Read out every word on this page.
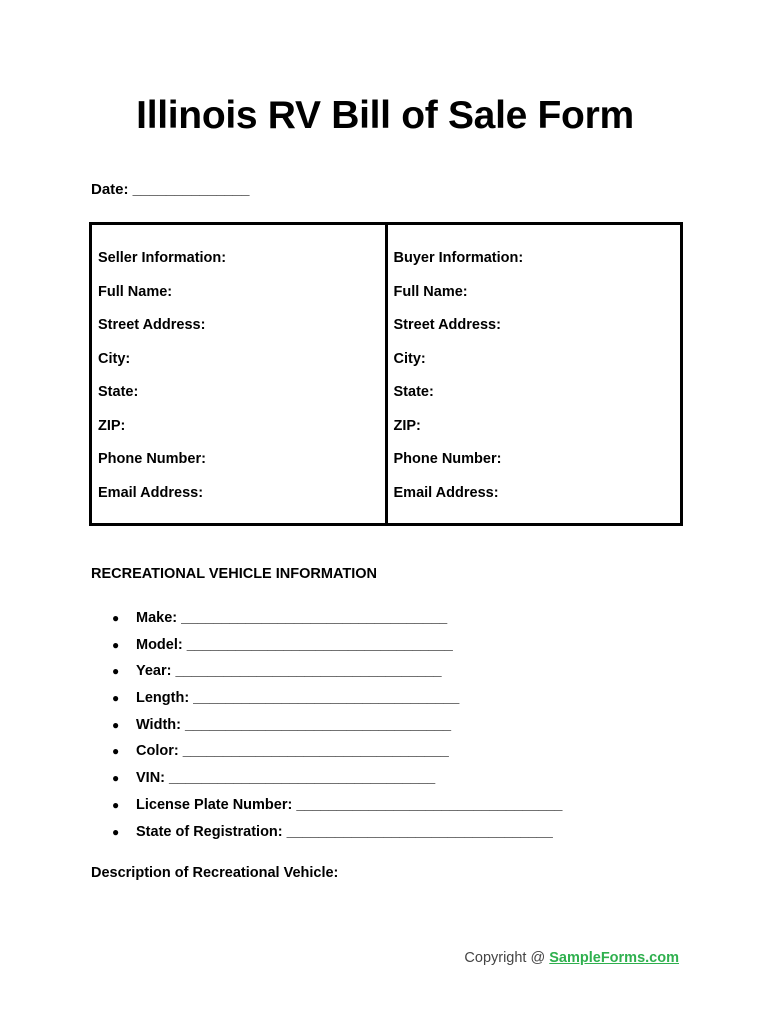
Illinois RV Bill of Sale Form
Date: ______________
Seller Information:
Full Name:
Street Address:
City:
State:
ZIP:
Phone Number:
Email Address:
Buyer Information:
Full Name:
Street Address:
City:
State:
ZIP:
Phone Number:
Email Address:
RECREATIONAL VEHICLE INFORMATION
●	Make: _________________________________
●	Model: _________________________________
●	Year: _________________________________
●	Length: _________________________________
●	Width: _________________________________
●	Color: _________________________________
●	VIN: _________________________________
●	License Plate Number: _________________________________
●	State of Registration: _________________________________
Description of Recreational Vehicle:
Copyright @ SampleForms.com
